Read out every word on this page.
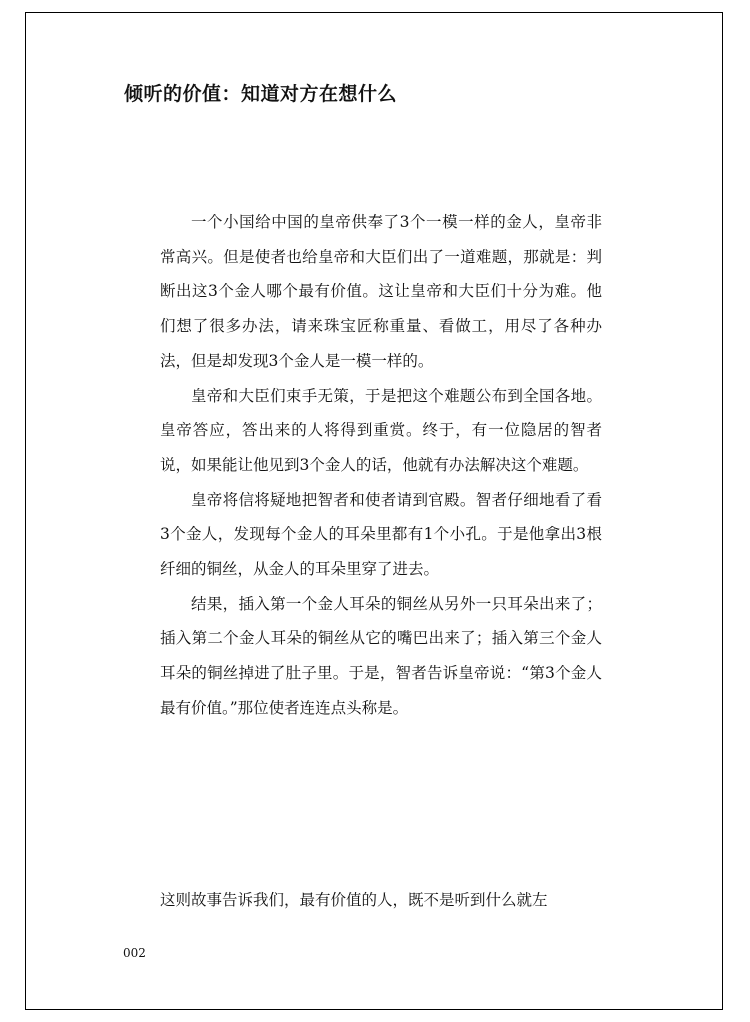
倾听的价值：知道对方在想什么

一个小国给中国的皇帝供奉了3个一模一样的金人，皇帝非常高兴。但是使者也给皇帝和大臣们出了一道难题，那就是：判断出这3个金人哪个最有价值。这让皇帝和大臣们十分为难。他们想了很多办法，请来珠宝匠称重量、看做工，用尽了各种办法，但是却发现3个金人是一模一样的。

皇帝和大臣们束手无策，于是把这个难题公布到全国各地。皇帝答应，答出来的人将得到重赏。终于，有一位隐居的智者说，如果能让他见到3个金人的话，他就有办法解决这个难题。

皇帝将信将疑地把智者和使者请到官殿。智者仔细地看了看3个金人，发现每个金人的耳朵里都有1个小孔。于是他拿出3根纤细的铜丝，从金人的耳朵里穿了进去。

结果，插入第一个金人耳朵的铜丝从另外一只耳朵出来了；插入第二个金人耳朵的铜丝从它的嘴巴出来了；插入第三个金人耳朵的铜丝掉进了肚子里。于是，智者告诉皇帝说：“第3个金人最有价值。”那位使者连连点头称是。

这则故事告诉我们，最有价值的人，既不是听到什么就左

002
